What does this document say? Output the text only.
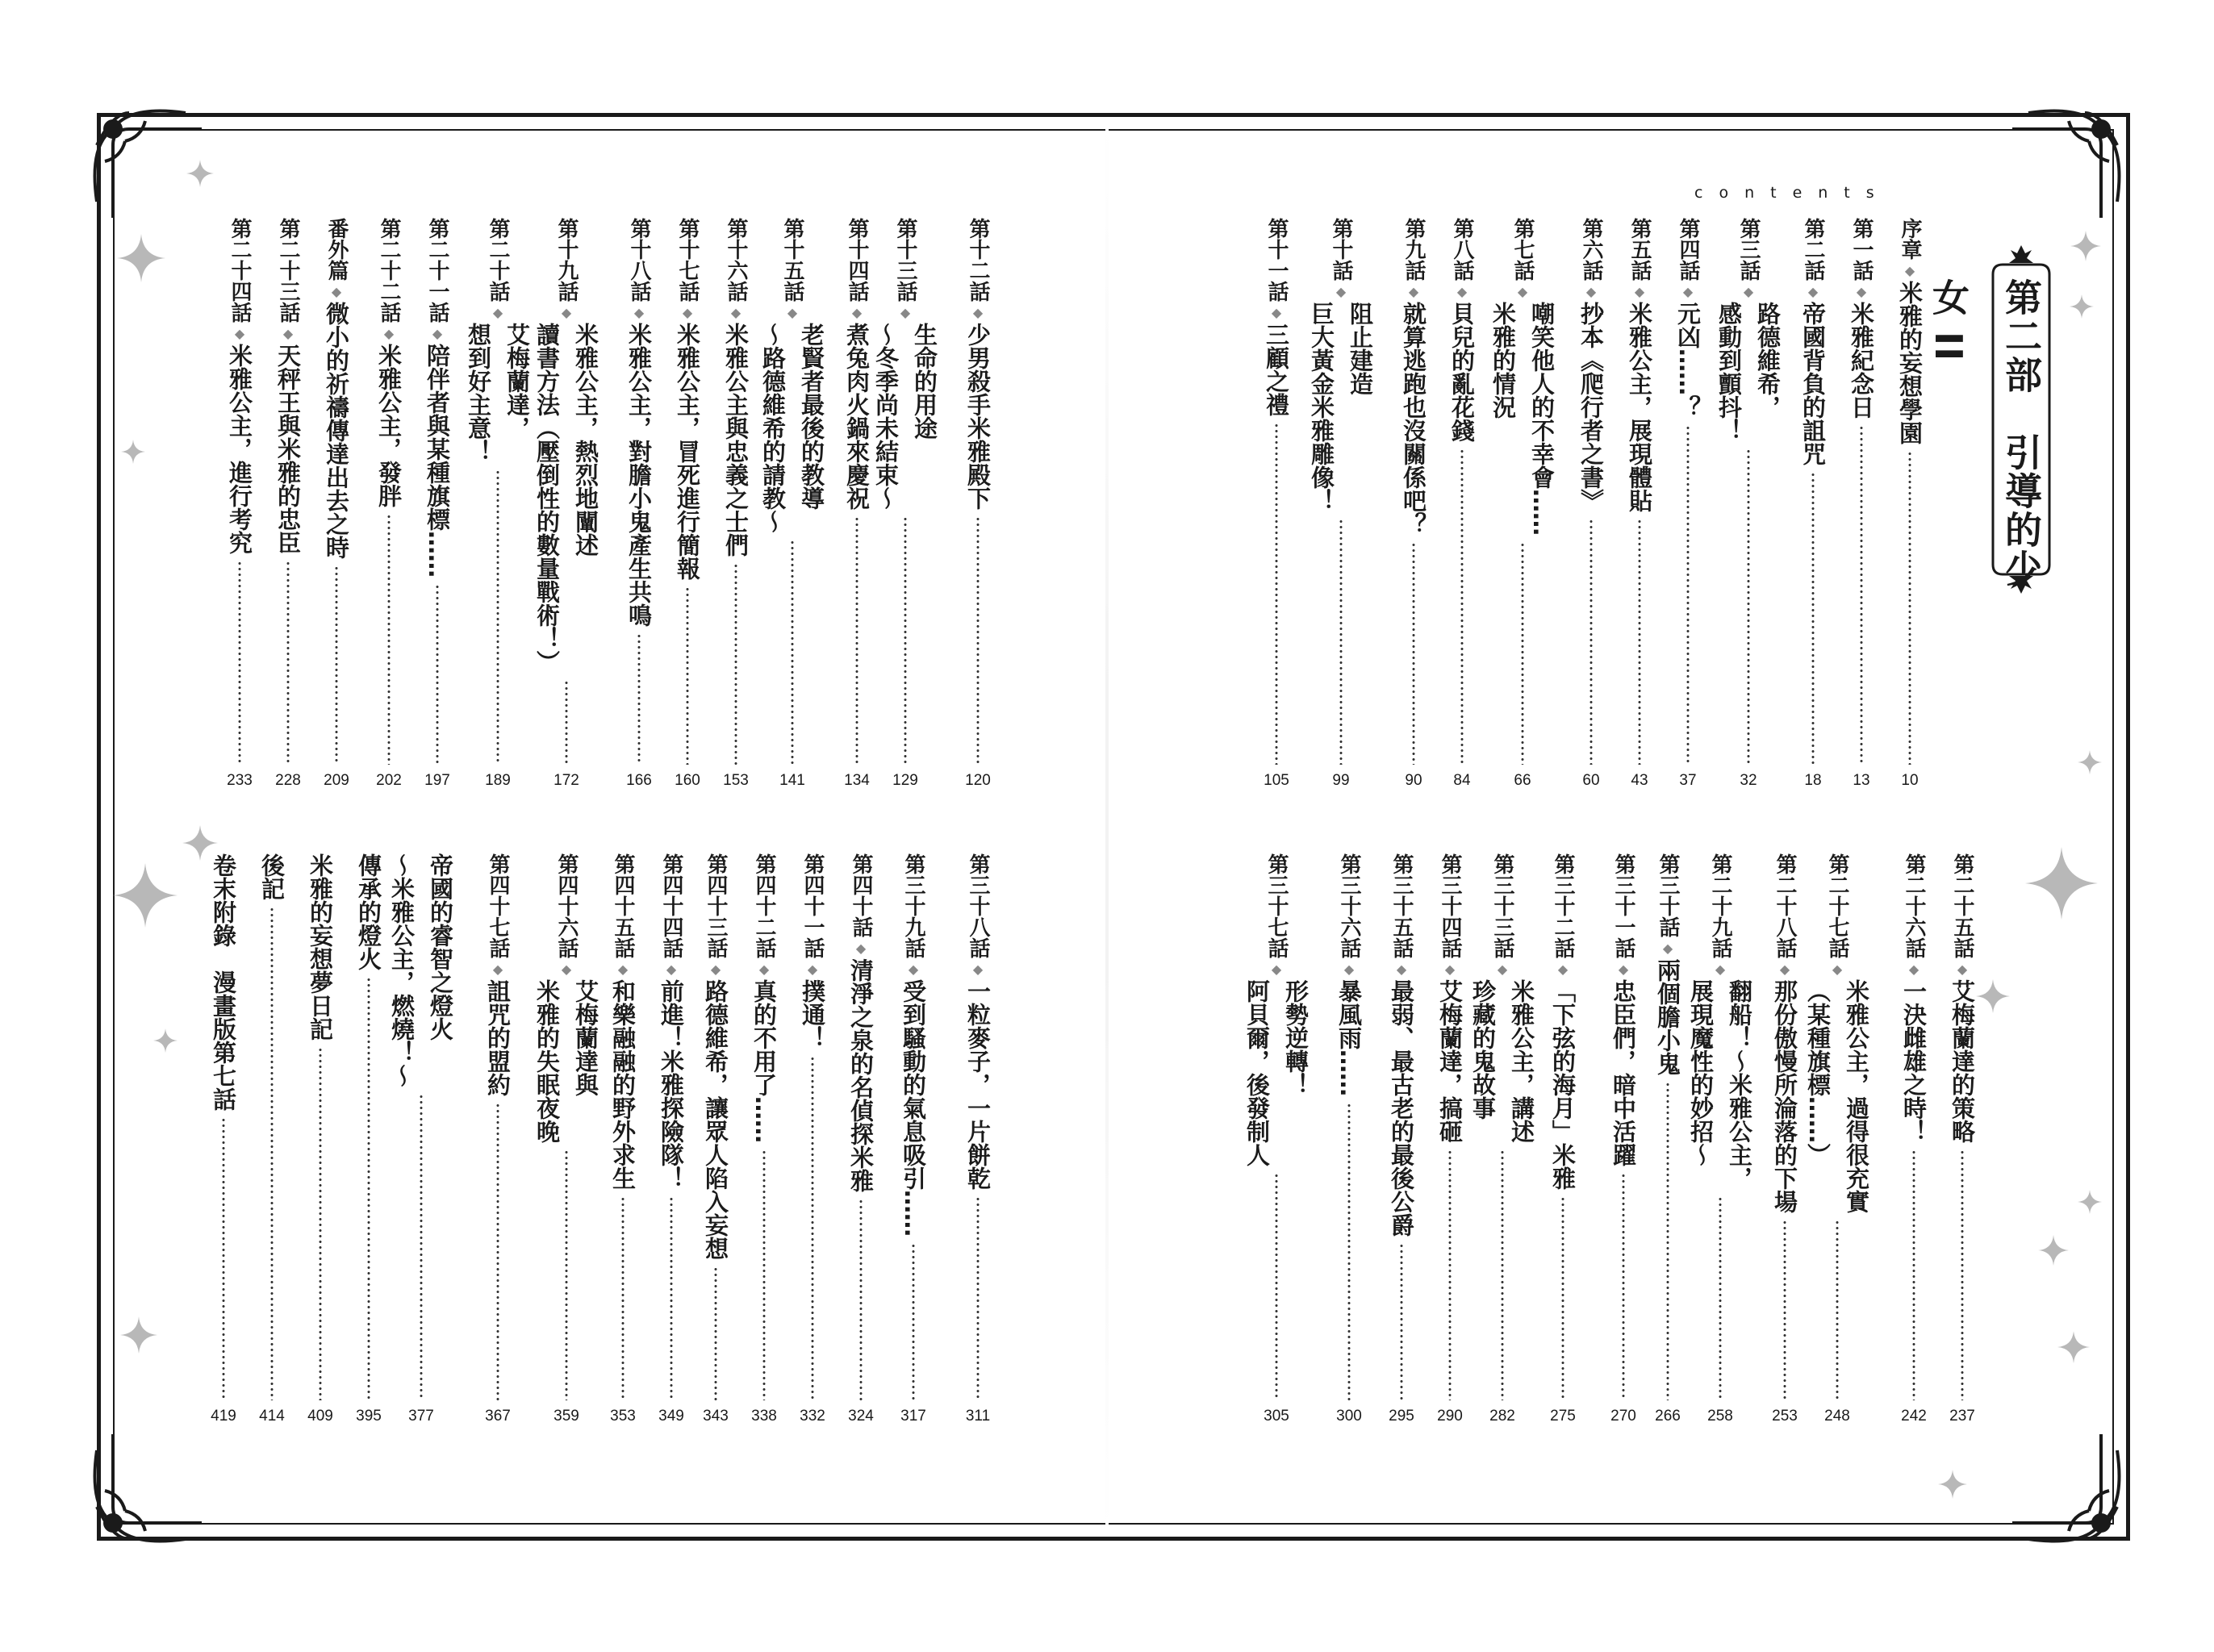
contents
第二部　引導的少女 II
序章
◆
米雅的妄想學園
10
第一話
◆
米雅紀念日
13
第二話
◆
帝國背負的詛咒
18
第三話
◆
路德維希，
感動到顫抖！
32
第四話
◆
元凶……？
37
第五話
◆
米雅公主，展現體貼
43
第六話
◆
抄本《爬行者之書》
60
第七話
◆
嘲笑他人的不幸會……
米雅的情況
66
第八話
◆
貝兒的亂花錢
84
第九話
◆
就算逃跑也沒關係吧？
90
第十話
◆
阻止建造
巨大黃金米雅雕像！
99
第十一話
◆
三顧之禮
105
第十二話
◆
少男殺手米雅殿下
120
第十三話
◆
生命的用途
～冬季尚未結束～
129
第十四話
◆
煮兔肉火鍋來慶祝
134
第十五話
◆
老賢者最後的教導
～路德維希的請教～
141
第十六話
◆
米雅公主與忠義之士們
153
第十七話
◆
米雅公主，冒死進行簡報
160
第十八話
◆
米雅公主，對膽小鬼產生共鳴
166
第十九話
◆
米雅公主，熱烈地闡述
讀書方法（壓倒性的數量戰術！）
172
第二十話
◆
艾梅蘭達，
想到好主意！
189
第二十一話
◆
陪伴者與某種旗標……
197
第二十二話
◆
米雅公主，發胖
202
番外篇
◆
微小的祈禱傳達出去之時
209
第二十三話
◆
天秤王與米雅的忠臣
228
第二十四話
◆
米雅公主，進行考究
233
第二十五話
◆
艾梅蘭達的策略
237
第二十六話
◆
一決雌雄之時！
242
第二十七話
◆
米雅公主，過得很充實
（某種旗標……）
248
第二十八話
◆
那份傲慢所淪落的下場
253
第二十九話
◆
翻船！～米雅公主，
展現魔性的妙招～
258
第三十話
◆
兩個膽小鬼
266
第三十一話
◆
忠臣們，暗中活躍
270
第三十二話
◆
「下弦的海月」米雅
275
第三十三話
◆
米雅公主，講述
珍藏的鬼故事
282
第三十四話
◆
艾梅蘭達，搞砸
290
第三十五話
◆
最弱、最古老的最後公爵
295
第三十六話
◆
暴風雨……
300
第三十七話
◆
形勢逆轉！
阿貝爾，後發制人
305
第三十八話
◆
一粒麥子，一片餅乾
311
第三十九話
◆
受到騷動的氣息吸引……
317
第四十話
◆
清淨之泉的名偵探米雅
324
第四十一話
◆
撲通！
332
第四十二話
◆
真的不用了……
338
第四十三話
◆
路德維希，讓眾人陷入妄想
343
第四十四話
◆
前進！米雅探險隊！
349
第四十五話
◆
和樂融融的野外求生
353
第四十六話
◆
艾梅蘭達與
米雅的失眠夜晚
359
第四十七話
◆
詛咒的盟約
367
帝國的睿智之燈火
～米雅公主，燃燒！～
377
傳承的燈火
395
米雅的妄想夢日記
409
後記
414
卷末附錄　漫畫版第七話
419
